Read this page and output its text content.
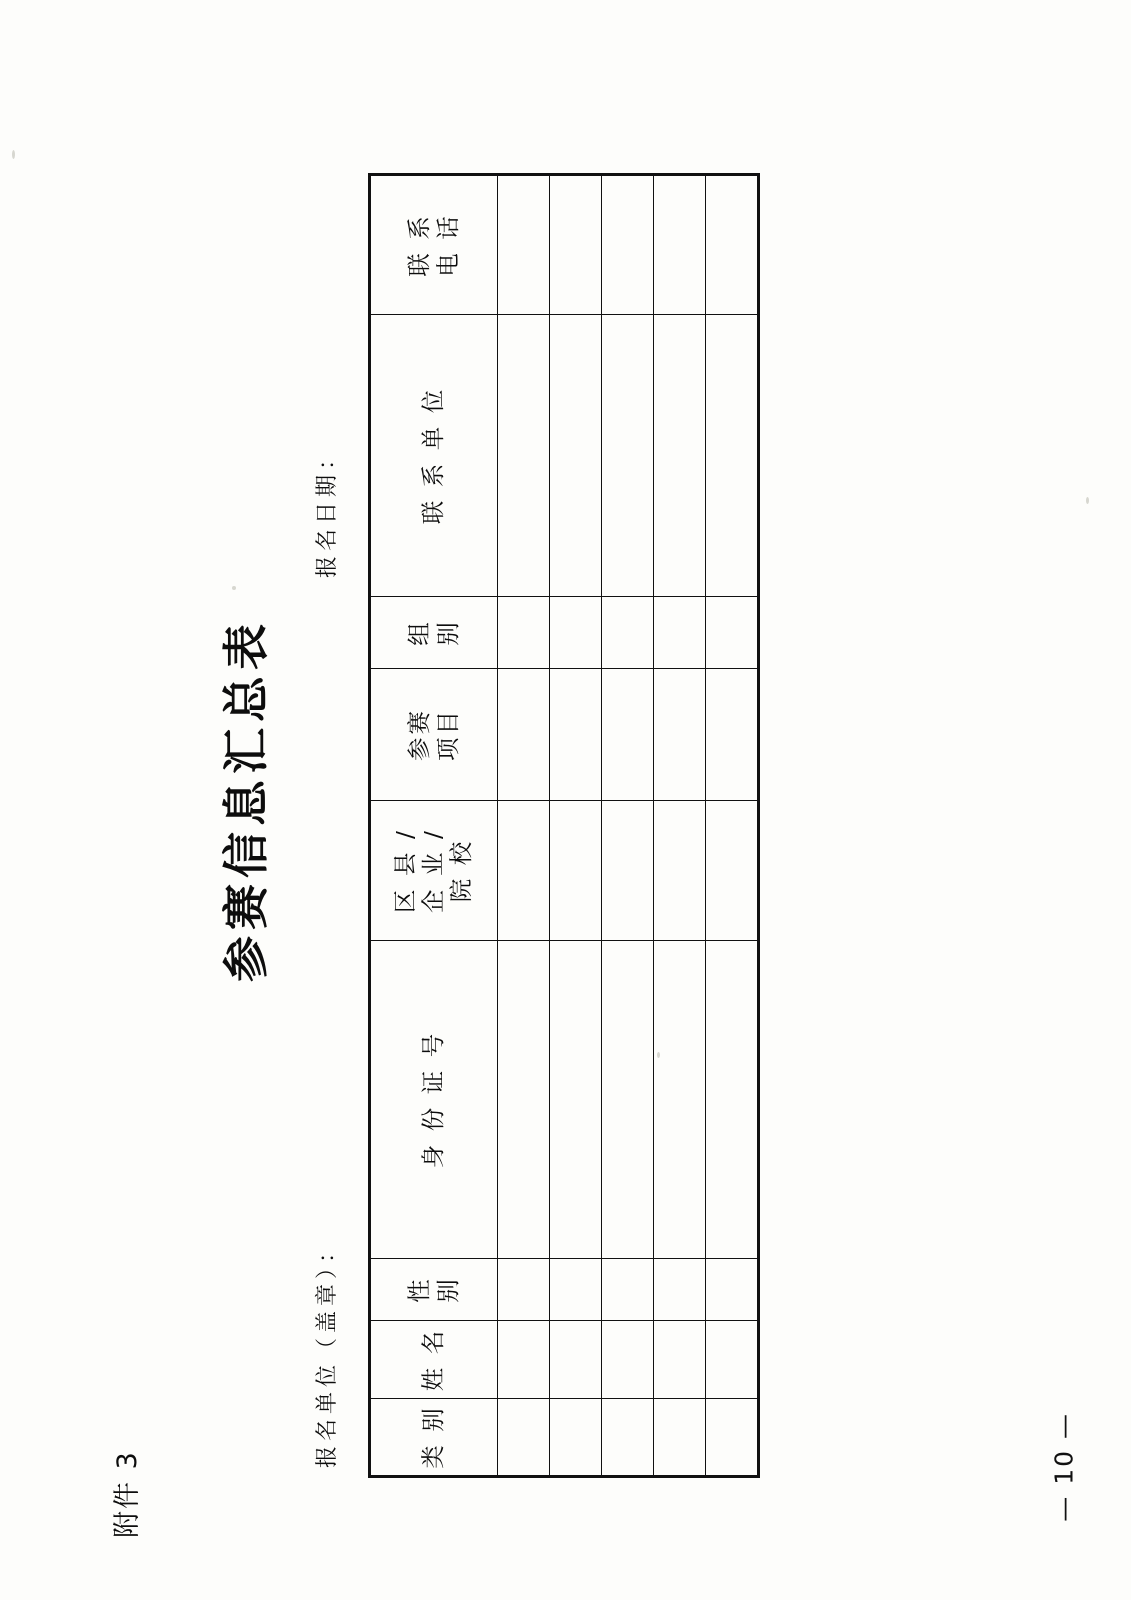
附件 3
参赛信息汇总表
报名单位（盖章）：
报名日期：
类 别	姓 名	性 别	身 份 证 号	区 县 / 企 业 / 院 校	参赛 项目	组 别	联 系 单 位	联 系 电 话

— 10 —
